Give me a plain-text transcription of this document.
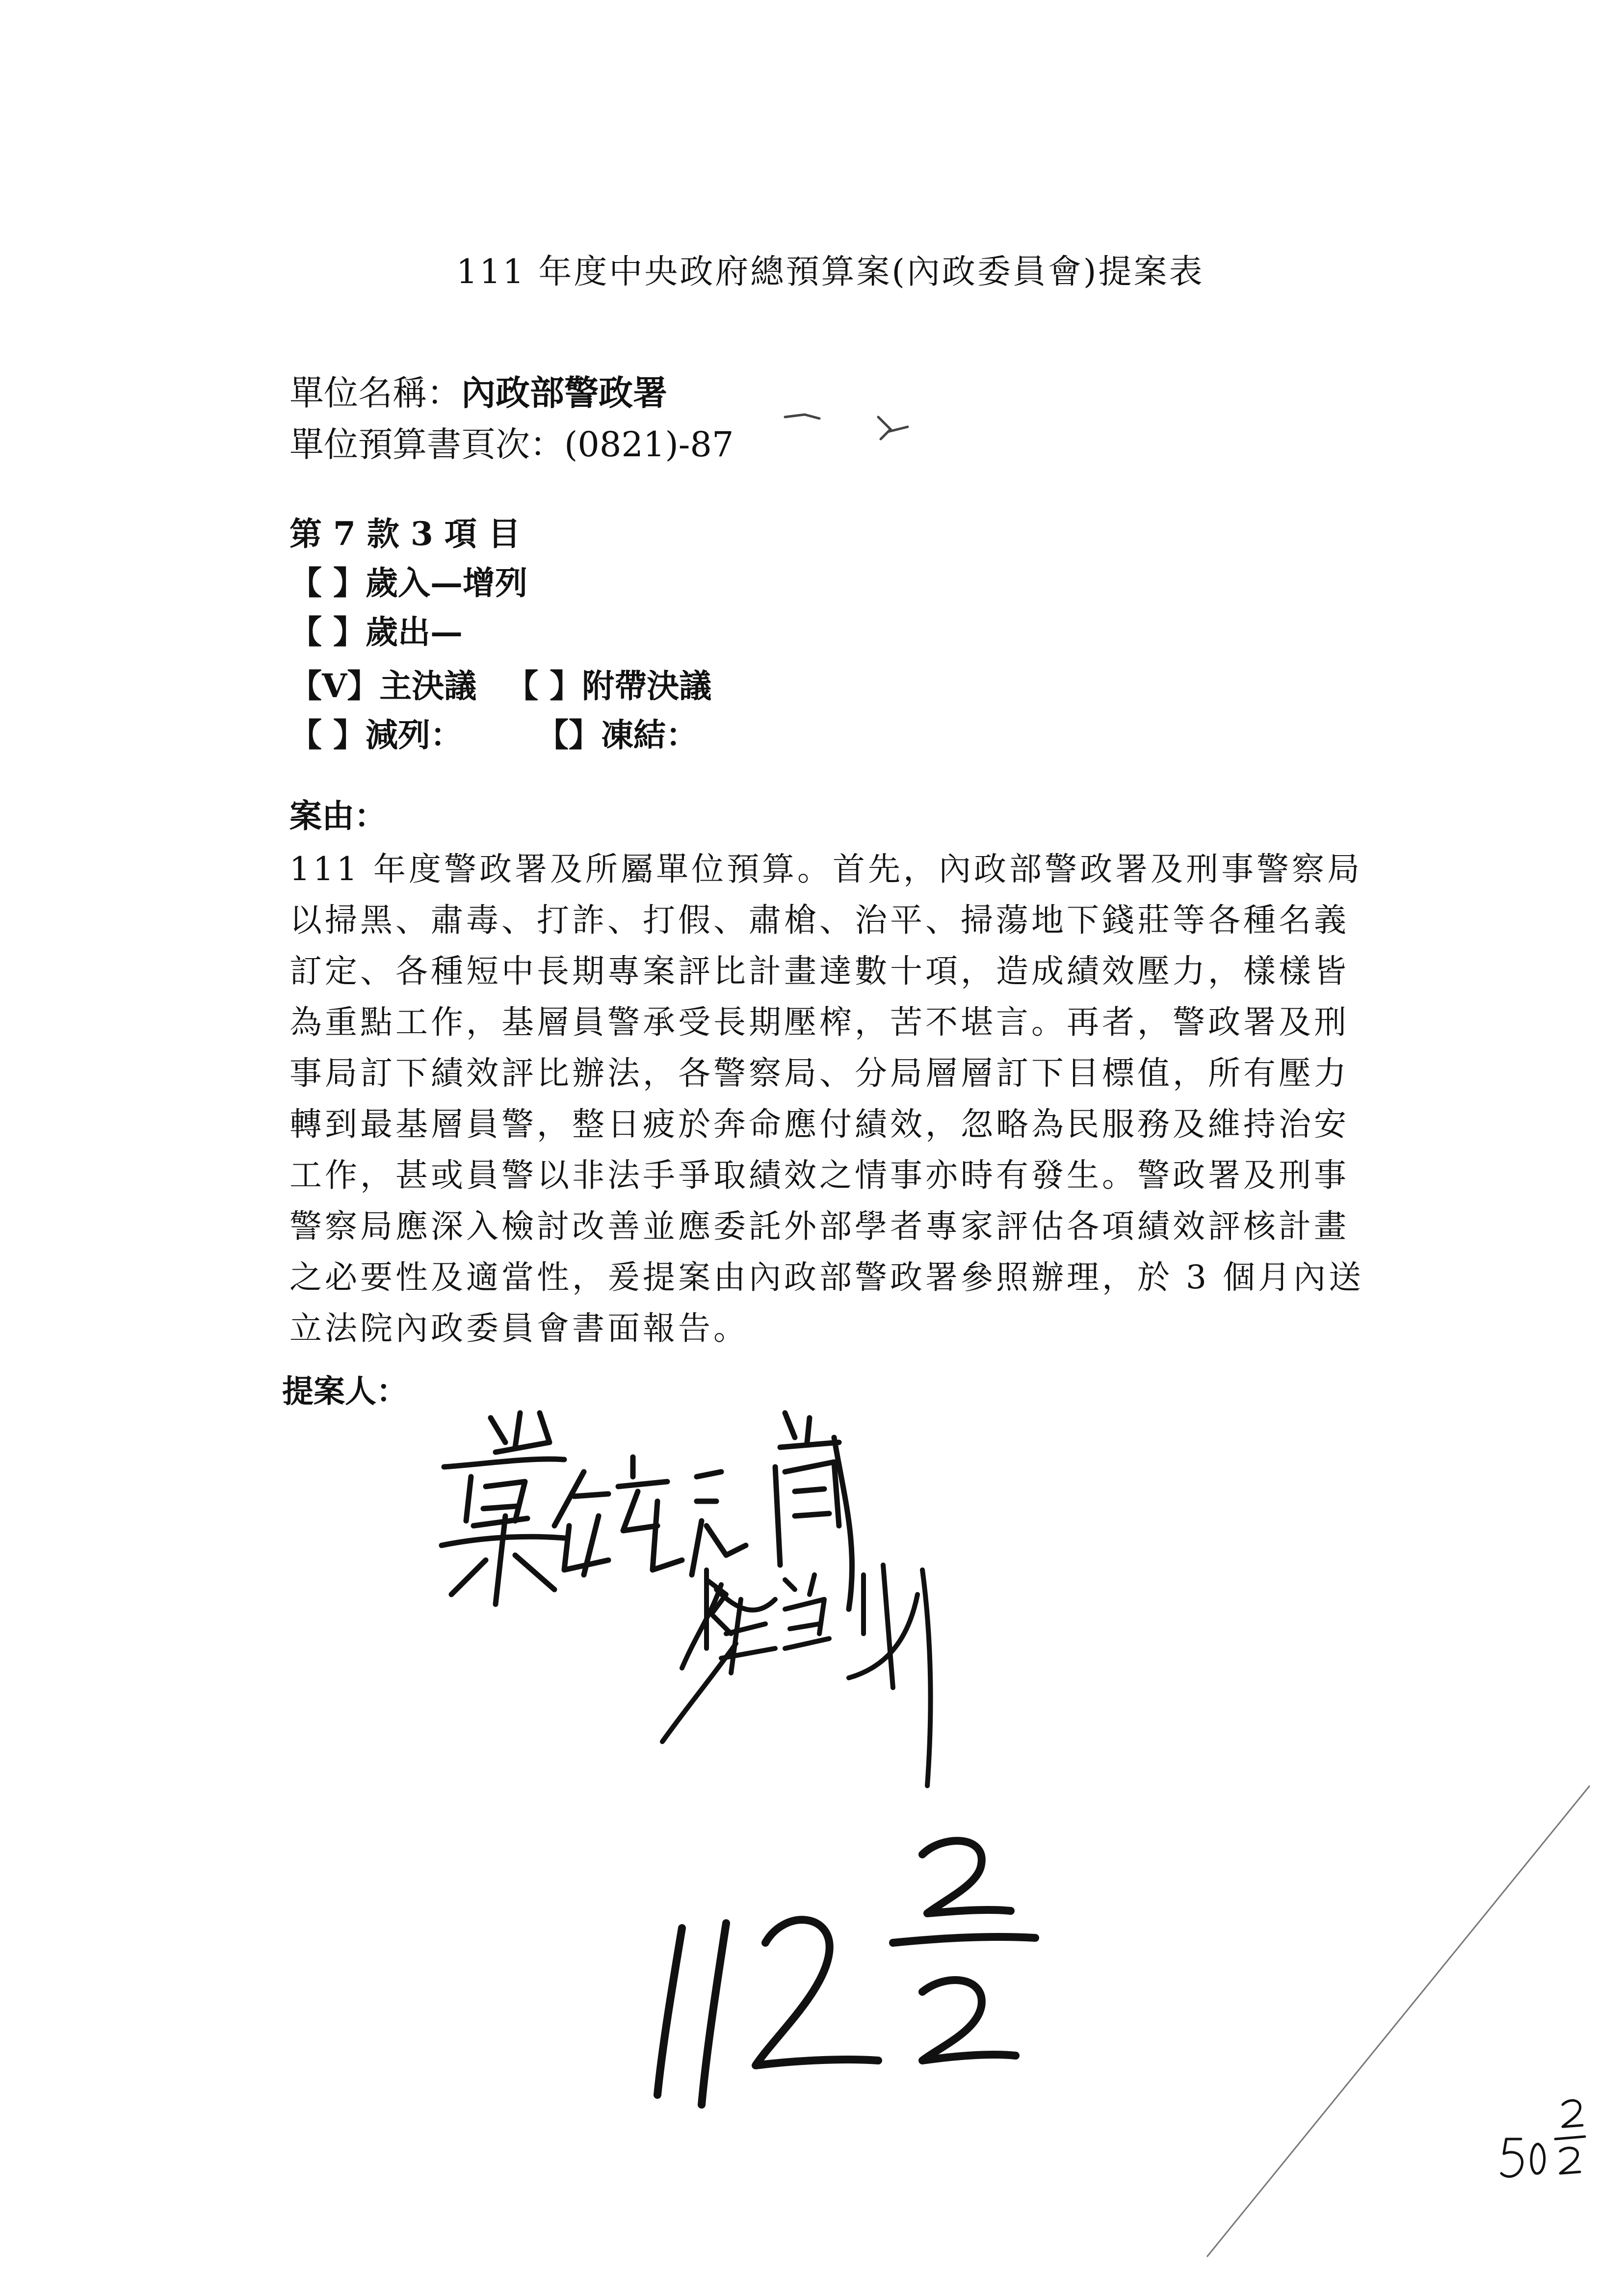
111 年度中央政府總預算案(內政委員會)提案表
單位名稱：內政部警政署
單位預算書頁次：(0821)-87
第 7 款 3 項 目
【 】歲入—增列
【 】歲出—
【V】主決議 【 】附帶決議
【 】減列： 【】凍結：
案由：
111 年度警政署及所屬單位預算。首先，內政部警政署及刑事警察局
以掃黑、肅毒、打詐、打假、肅槍、治平、掃蕩地下錢莊等各種名義
訂定、各種短中長期專案評比計畫達數十項，造成績效壓力，樣樣皆
為重點工作，基層員警承受長期壓榨，苦不堪言。再者，警政署及刑
事局訂下績效評比辦法，各警察局、分局層層訂下目標值，所有壓力
轉到最基層員警，整日疲於奔命應付績效，忽略為民服務及維持治安
工作，甚或員警以非法手爭取績效之情事亦時有發生。警政署及刑事
警察局應深入檢討改善並應委託外部學者專家評估各項績效評核計畫
之必要性及適當性，爰提案由內政部警政署參照辦理，於 3 個月內送
立法院內政委員會書面報告。
提案人：
